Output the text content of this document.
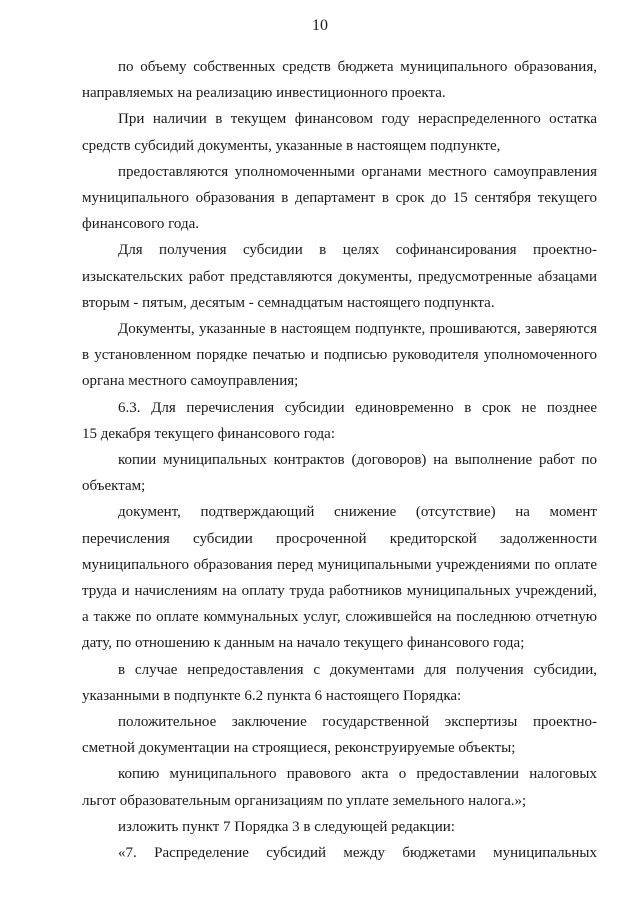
10
по объему собственных средств бюджета муниципального образования,
направляемых на реализацию инвестиционного проекта.
При наличии в текущем финансовом году нераспределенного остатка
средств субсидий документы, указанные в настоящем подпункте,
предоставляются уполномоченными органами местного самоуправления
муниципального образования в департамент в срок до 15 сентября текущего
финансового года.
Для получения субсидии в целях софинансирования проектно-
изыскательских работ представляются документы, предусмотренные абзацами
вторым - пятым, десятым - семнадцатым настоящего подпункта.
Документы, указанные в настоящем подпункте, прошиваются, заверяются
в установленном порядке печатью и подписью руководителя уполномоченного
органа местного самоуправления;
6.3. Для перечисления субсидии единовременно в срок не позднее
15 декабря текущего финансового года:
копии муниципальных контрактов (договоров) на выполнение работ по
объектам;
документ, подтверждающий снижение (отсутствие) на момент
перечисления субсидии просроченной кредиторской задолженности
муниципального образования перед муниципальными учреждениями по оплате
труда и начислениям на оплату труда работников муниципальных учреждений,
а также по оплате коммунальных услуг, сложившейся на последнюю отчетную
дату, по отношению к данным на начало текущего финансового года;
в случае непредоставления с документами для получения субсидии,
указанными в подпункте 6.2 пункта 6 настоящего Порядка:
положительное заключение государственной экспертизы проектно-
сметной документации на строящиеся, реконструируемые объекты;
копию муниципального правового акта о предоставлении налоговых
льгот образовательным организациям по уплате земельного налога.»;
изложить пункт 7 Порядка 3 в следующей редакции:
«7. Распределение субсидий между бюджетами муниципальных
